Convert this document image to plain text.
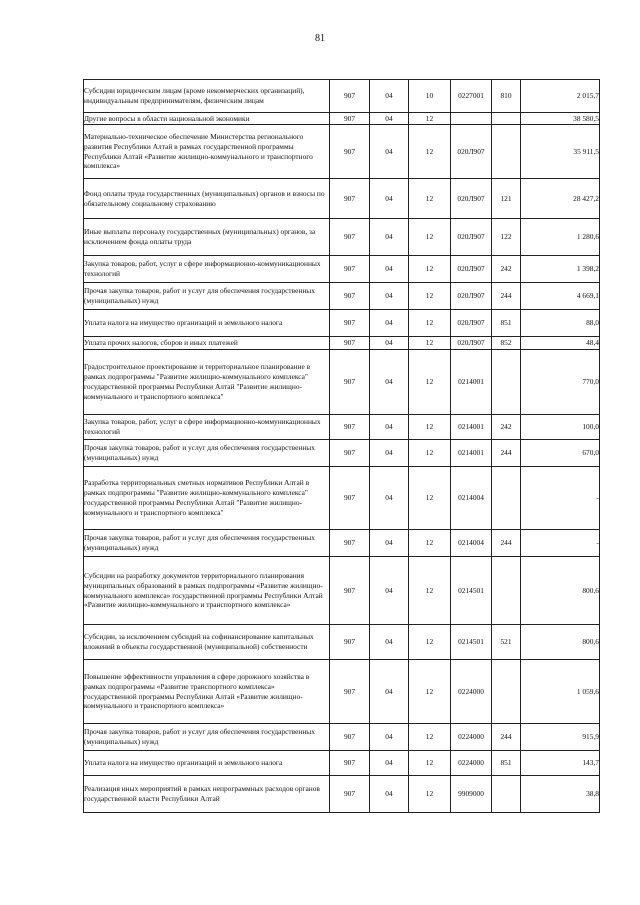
81
Субсидии юридическим лицам (кроме некоммерческих организаций), индивидуальным предпринимателям, физическим лицам	907	04	10	0227001	810	2 015,7
Другие вопросы в области национальной экономики	907	04	12			38 580,5
Материально-техническое обеспечение Министерства регионального развития Республики Алтай в рамках государственной программы Республики Алтай «Развитие жилищно-коммунального и транспортного комплекса»	907	04	12	020Л907		35 911,5
Фонд оплаты труда государственных (муниципальных) органов и взносы по обязательному социальному страхованию	907	04	12	020Л907	121	28 427,2
Иные выплаты персоналу государственных (муниципальных) органов, за исключением фонда оплаты труда	907	04	12	020Л907	122	1 280,6
Закупка товаров, работ, услуг в сфере информационно-коммуникационных технологий	907	04	12	020Л907	242	1 398,2
Прочая закупка товаров, работ и услуг для обеспечения государственных (муниципальных) нужд	907	04	12	020Л907	244	4 669,1
Уплата налога на имущество организаций и земельного налога	907	04	12	020Л907	851	88,0
Уплата прочих налогов, сборов и иных платежей	907	04	12	020Л907	852	48,4
Градостроительное проектирование и территориальное планирование в рамках подпрограммы "Развитие жилищно-коммунального комплекса" государственной программы Республики Алтай "Развитие жилищно-коммунального и транспортного комплекса"	907	04	12	0214001		770,0
Закупка товаров, работ, услуг в сфере информационно-коммуникационных технологий	907	04	12	0214001	242	100,0
Прочая закупка товаров, работ и услуг для обеспечения государственных (муниципальных) нужд	907	04	12	0214001	244	670,0
Разработка территориальных сметных нормативов Республики Алтай в рамках подпрограммы "Развитие жилищно-коммунального комплекса" государственной программы Республики Алтай "Развитие жилищно-коммунального и транспортного комплекса"	907	04	12	0214004		-
Прочая закупка товаров, работ и услуг для обеспечения государственных (муниципальных) нужд	907	04	12	0214004	244	-
Субсидии на разработку документов территориального планирования муниципальных образований в рамках подпрограммы «Развитие жилищно-коммунального комплекса» государственной программы Республики Алтай «Развитие жилищно-коммунального и транспортного комплекса»	907	04	12	0214501		800,6
Субсидии, за исключением субсидий на софинансирование капитальных вложений в объекты государственной (муниципальной) собственности	907	04	12	0214501	521	800,6
Повышение эффективности управления в сфере дорожного хозяйства в рамках подпрограммы «Развитие транспортного комплекса» государственной программы Республики Алтай «Развитие жилищно-коммунального и транспортного комплекса»	907	04	12	0224000		1 059,6
Прочая закупка товаров, работ и услуг для обеспечения государственных (муниципальных) нужд	907	04	12	0224000	244	915,9
Уплата налога на имущество организаций и земельного налога	907	04	12	0224000	851	143,7
Реализация иных мероприятий в рамках непрограммных расходов органов государственной власти Республики Алтай	907	04	12	9909000		38,8
